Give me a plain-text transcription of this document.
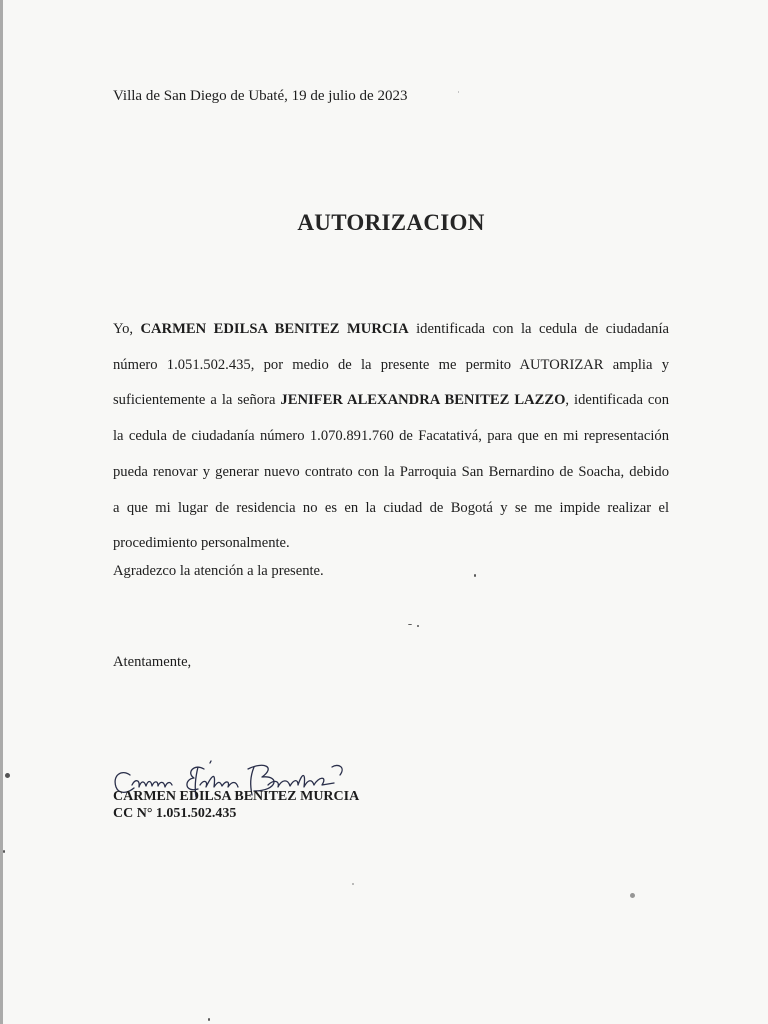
Villa de San Diego de Ubaté, 19 de julio de 2023
AUTORIZACION
Yo, CARMEN EDILSA BENITEZ MURCIA identificada con la cedula de ciudadanía
número 1.051.502.435, por medio de la presente me permito AUTORIZAR amplia y
suficientemente a la señora JENIFER ALEXANDRA BENITEZ LAZZO, identificada con
la cedula de ciudadanía número 1.070.891.760 de Facatativá, para que en mi representación
pueda renovar y generar nuevo contrato con la Parroquia San Bernardino de Soacha, debido
a que mi lugar de residencia no es en la ciudad de Bogotá y se me impide realizar el
procedimiento personalmente.
Agradezco la atención a la presente.
Atentamente,
CARMEN EDILSA BENITEZ MURCIA
CC N° 1.051.502.435
